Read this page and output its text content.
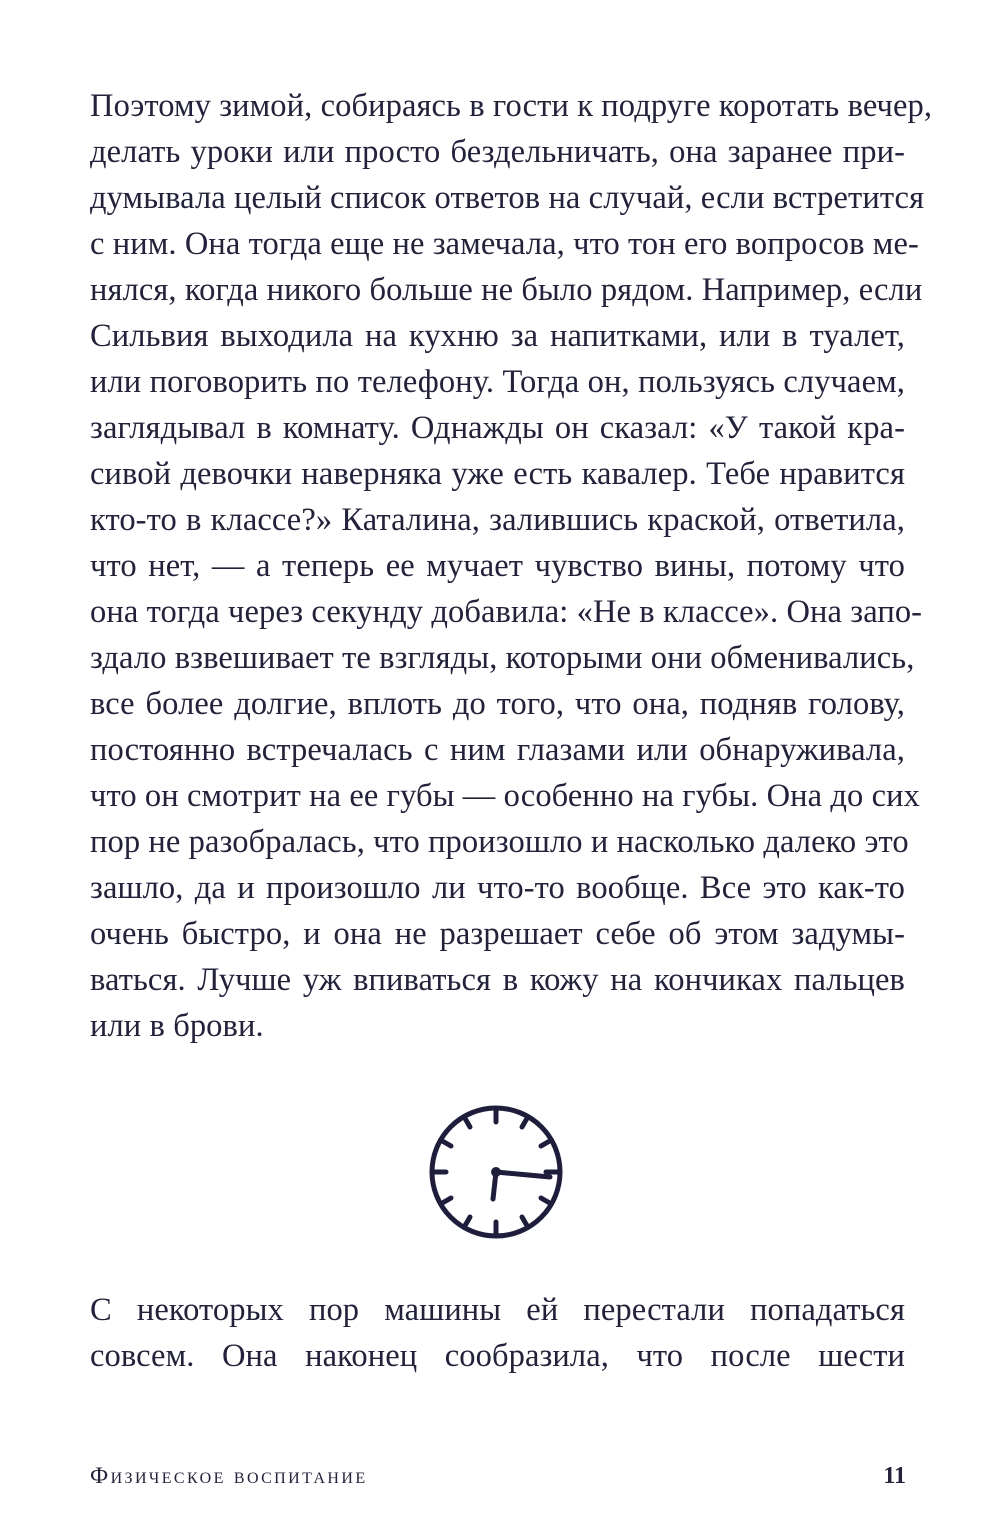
Поэтому зимой, собираясь в гости к подруге коротать вечер,
делать уроки или просто бездельничать, она заранее при-
думывала целый список ответов на случай, если встретится
с ним. Она тогда еще не замечала, что тон его вопросов ме-
нялся, когда никого больше не было рядом. Например, если
Сильвия выходила на кухню за напитками, или в туалет,
или поговорить по телефону. Тогда он, пользуясь случаем,
заглядывал в комнату. Однажды он сказал: «У такой кра-
сивой девочки наверняка уже есть кавалер. Тебе нравится
кто-то в классе?» Каталина, залившись краской, ответила,
что нет, — а теперь ее мучает чувство вины, потому что
она тогда через секунду добавила: «Не в классе». Она запо-
здало взвешивает те взгляды, которыми они обменивались,
все более долгие, вплоть до того, что она, подняв голову,
постоянно встречалась с ним глазами или обнаруживала,
что он смотрит на ее губы — особенно на губы. Она до сих
пор не разобралась, что произошло и насколько далеко это
зашло, да и произошло ли что-то вообще. Все это как-то
очень быстро, и она не разрешает себе об этом задумы-
ваться. Лучше уж впиваться в кожу на кончиках пальцев
или в брови.
С некоторых пор машины ей перестали попадаться
совсем. Она наконец сообразила, что после шести
Физическое воспитание	11
